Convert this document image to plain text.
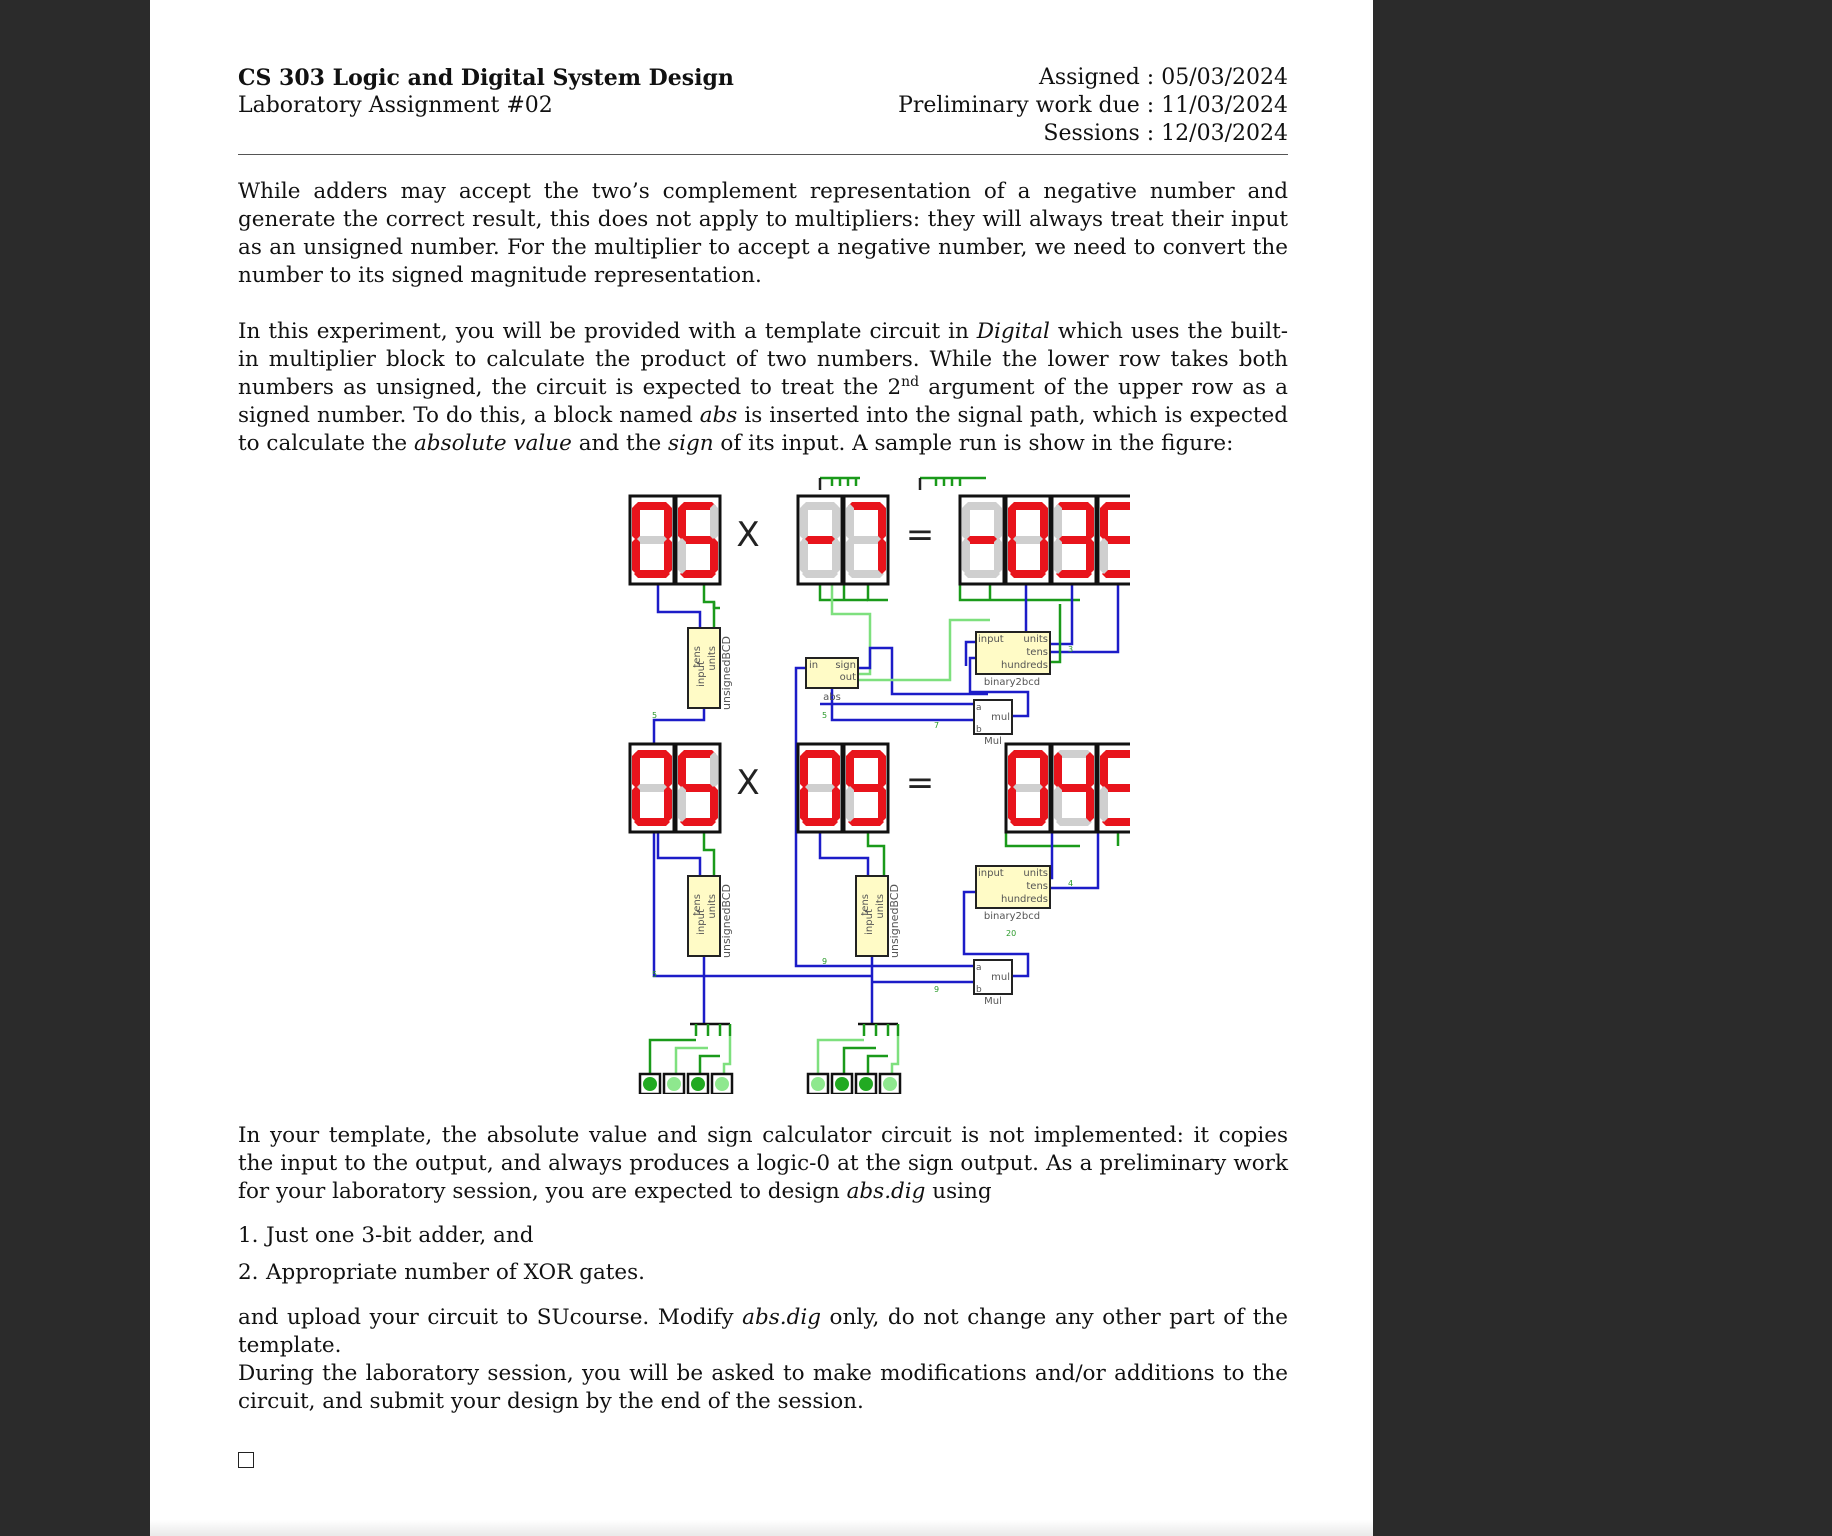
CS 303 Logic and Digital System Design
Laboratory Assignment #02
Assigned : 05/03/2024
Preliminary work due : 11/03/2024
Sessions : 12/03/2024

While adders may accept the two’s complement representation of a negative number and generate the correct result, this does not apply to multipliers: they will always treat their input as an unsigned number. For the multiplier to accept a negative number, we need to convert the number to its signed magnitude representation.

In this experiment, you will be provided with a template circuit in Digital which uses the built-in multiplier block to calculate the product of two numbers. While the lower row takes both numbers as unsigned, the circuit is expected to treat the 2nd argument of the upper row as a signed number. To do this, a block named abs is inserted into the signal path, which is expected to calculate the absolute value and the sign of its input. A sample run is show in the figure:

X	=
X	=
input
tens units unsignedBCD
input
tens units unsignedBCD	input
tens units unsignedBCD
in sign
out
abs
input units
tens
hundreds
binary2bcd
input units
tens
hundreds
binary2bcd
a
b
mul
Mul
a
b
mul
Mul
5	5
7
5
9
9
20
3
4

In your template, the absolute value and sign calculator circuit is not implemented: it copies the input to the output, and always produces a logic-0 at the sign output. As a preliminary work for your laboratory session, you are expected to design abs.dig using

1. Just one 3-bit adder, and
2. Appropriate number of XOR gates.

and upload your circuit to SUcourse. Modify abs.dig only, do not change any other part of the template.

During the laboratory session, you will be asked to make modifications and/or additions to the circuit, and submit your design by the end of the session.
